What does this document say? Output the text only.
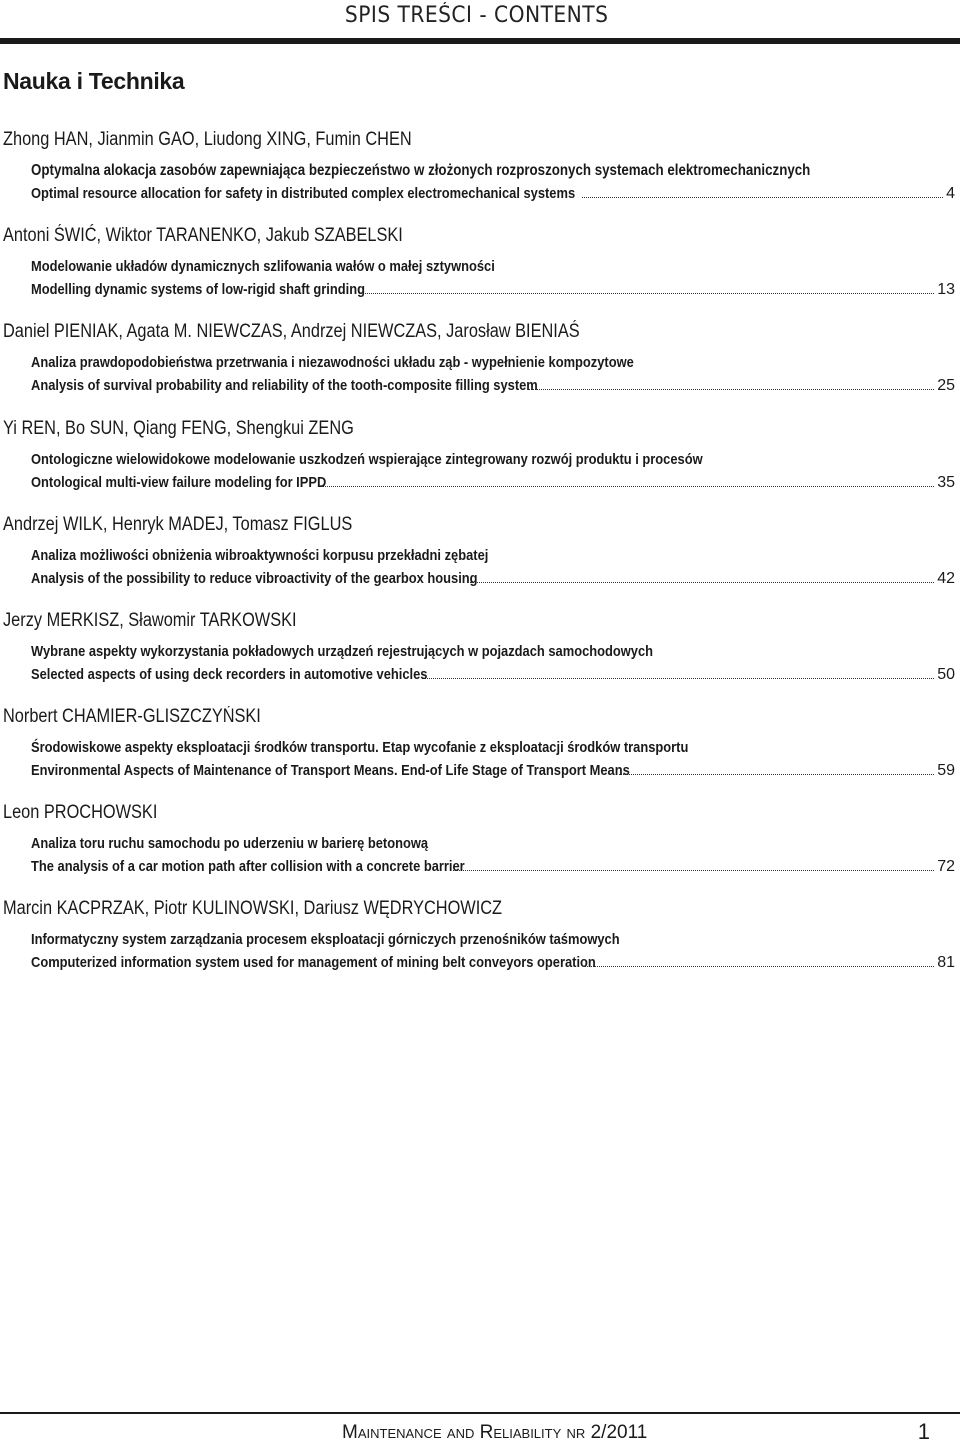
SPIS TREŚCI - CONTENTS
Nauka i Technika
Zhong HAN, Jianmin GAO, Liudong XING, Fumin CHEN
Optymalna alokacja zasobów zapewniająca bezpieczeństwo w złożonych rozproszonych systemach elektromechanicznych
Optimal resource allocation for safety in distributed complex electromechanical systems	4
Antoni ŚWIĆ, Wiktor TARANENKO, Jakub SZABELSKI
Modelowanie układów dynamicznych szlifowania wałów o małej sztywności
Modelling dynamic systems of low-rigid shaft grinding	13
Daniel PIENIAK, Agata M. NIEWCZAS, Andrzej NIEWCZAS, Jarosław BIENIAŚ
Analiza prawdopodobieństwa przetrwania i niezawodności układu ząb - wypełnienie kompozytowe
Analysis of survival probability and reliability of the tooth-composite filling system	25
Yi REN, Bo SUN, Qiang FENG, Shengkui ZENG
Ontologiczne wielowidokowe modelowanie uszkodzeń wspierające zintegrowany rozwój produktu i procesów
Ontological multi-view failure modeling for IPPD	35
Andrzej WILK, Henryk MADEJ, Tomasz FIGLUS
Analiza możliwości obniżenia wibroaktywności korpusu przekładni zębatej
Analysis of the possibility to reduce vibroactivity of the gearbox housing	42
Jerzy MERKISZ, Sławomir TARKOWSKI
Wybrane aspekty wykorzystania pokładowych urządzeń rejestrujących w pojazdach samochodowych
Selected aspects of using deck recorders in automotive vehicles	50
Norbert CHAMIER-GLISZCZYŃSKI
Środowiskowe aspekty eksploatacji środków transportu. Etap wycofanie z eksploatacji środków transportu
Environmental Aspects of Maintenance of Transport Means. End-of Life Stage of Transport Means	59
Leon PROCHOWSKI
Analiza toru ruchu samochodu po uderzeniu w barierę betonową
The analysis of a car motion path after collision with a concrete barrier	72
Marcin KACPRZAK, Piotr KULINOWSKI, Dariusz WĘDRYCHOWICZ
Informatyczny system zarządzania procesem eksploatacji górniczych przenośników taśmowych
Computerized information system used for management of mining belt conveyors operation	81
Maintenance and Reliability nr 2/2011	1
